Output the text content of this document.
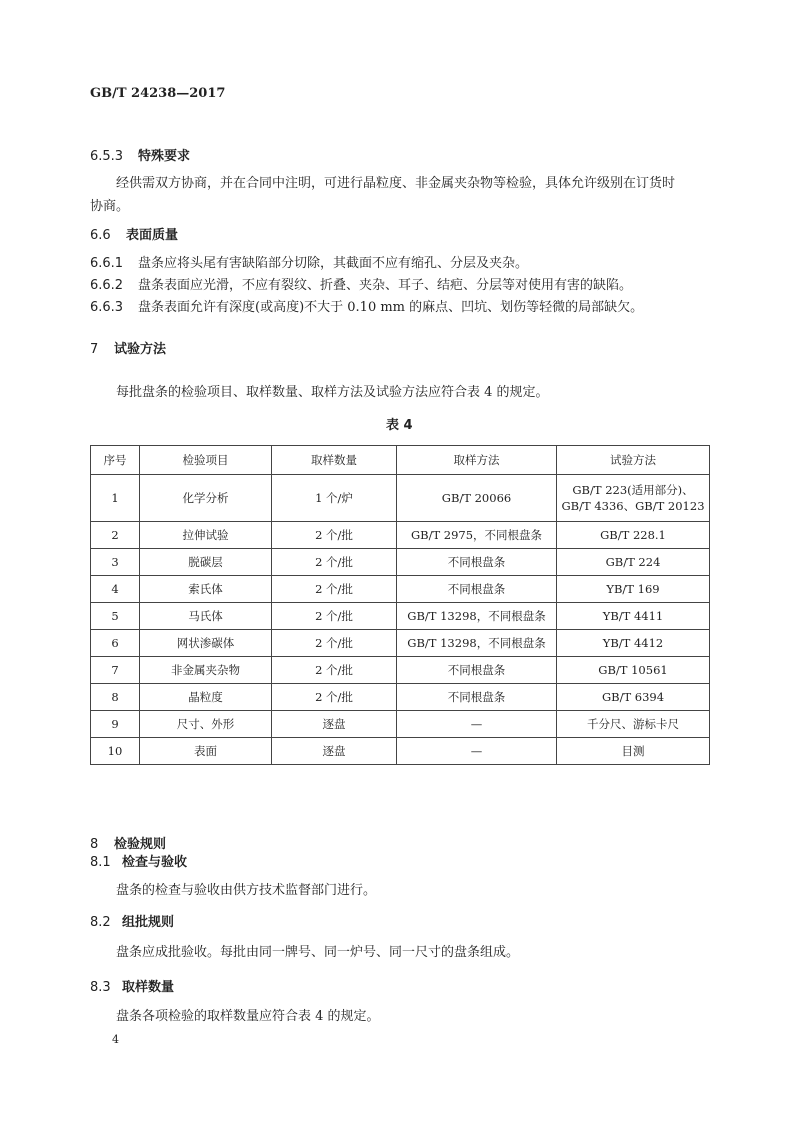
GB/T 24238—2017
6.5.3 特殊要求
经供需双方协商，并在合同中注明，可进行晶粒度、非金属夹杂物等检验，具体允许级别在订货时
协商。
6.6 表面质量
6.6.1 盘条应将头尾有害缺陷部分切除，其截面不应有缩孔、分层及夹杂。
6.6.2 盘条表面应光滑，不应有裂纹、折叠、夹杂、耳子、结疤、分层等对使用有害的缺陷。
6.6.3 盘条表面允许有深度(或高度)不大于 0.10 mm 的麻点、凹坑、划伤等轻微的局部缺欠。
7 试验方法
每批盘条的检验项目、取样数量、取样方法及试验方法应符合表 4 的规定。
表 4
序号	检验项目	取样数量	取样方法	试验方法
1	化学分析	1 个/炉	GB/T 20066	GB/T 223(适用部分)、
GB/T 4336、GB/T 20123

2	拉伸试验	2 个/批	GB/T 2975，不同根盘条	GB/T 228.1
3	脱碳层	2 个/批	不同根盘条	GB/T 224
4	索氏体	2 个/批	不同根盘条	YB/T 169
5	马氏体	2 个/批	GB/T 13298，不同根盘条	YB/T 4411
6	网状渗碳体	2 个/批	GB/T 13298，不同根盘条	YB/T 4412
7	非金属夹杂物	2 个/批	不同根盘条	GB/T 10561
8	晶粒度	2 个/批	不同根盘条	GB/T 6394
9	尺寸、外形	逐盘	—	千分尺、游标卡尺
10	表面	逐盘	—	目测
8 检验规则
8.1 检查与验收
盘条的检查与验收由供方技术监督部门进行。
8.2 组批规则
盘条应成批验收。每批由同一牌号、同一炉号、同一尺寸的盘条组成。
8.3 取样数量
盘条各项检验的取样数量应符合表 4 的规定。
4
